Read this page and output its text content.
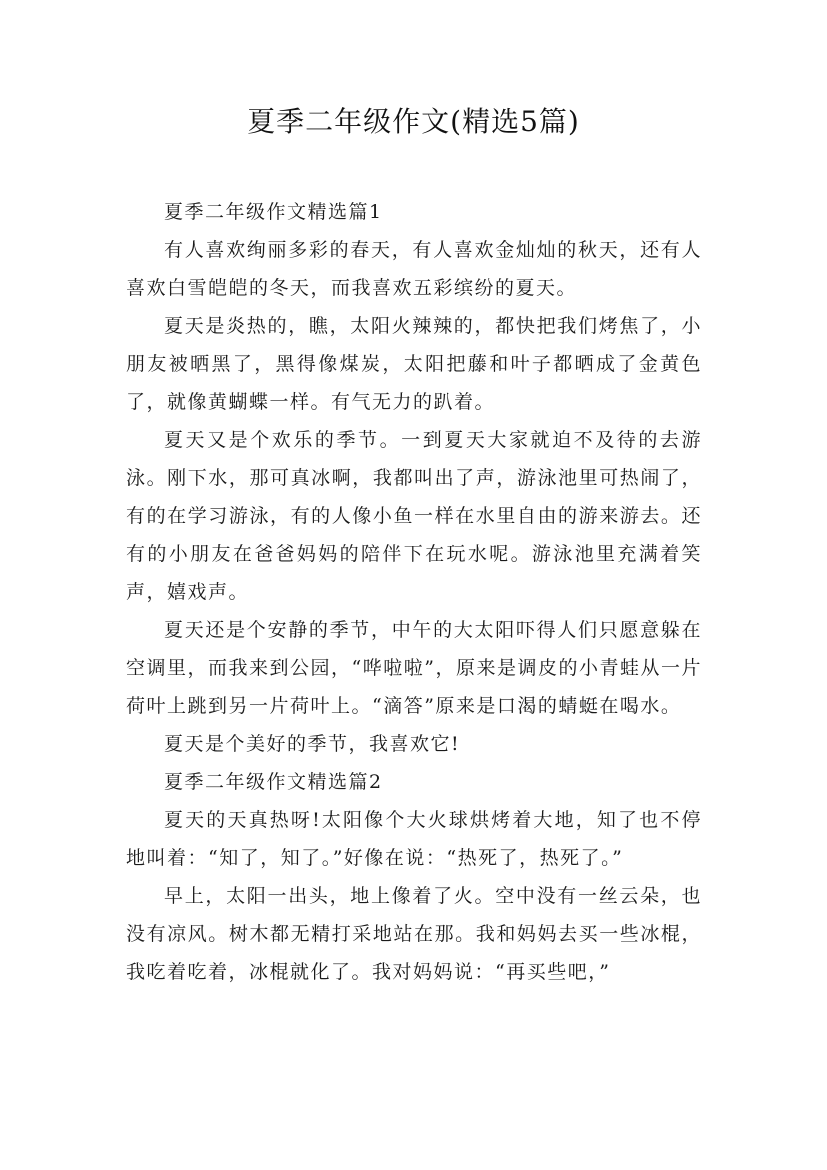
夏季二年级作文(精选5篇)

夏季二年级作文精选篇1

有人喜欢绚丽多彩的春天，有人喜欢金灿灿的秋天，还有人喜欢白雪皑皑的冬天，而我喜欢五彩缤纷的夏天。

夏天是炎热的，瞧，太阳火辣辣的，都快把我们烤焦了，小朋友被晒黑了，黑得像煤炭，太阳把藤和叶子都晒成了金黄色了，就像黄蝴蝶一样。有气无力的趴着。

夏天又是个欢乐的季节。一到夏天大家就迫不及待的去游泳。刚下水，那可真冰啊，我都叫出了声，游泳池里可热闹了，有的在学习游泳，有的人像小鱼一样在水里自由的游来游去。还有的小朋友在爸爸妈妈的陪伴下在玩水呢。游泳池里充满着笑声，嬉戏声。

夏天还是个安静的季节，中午的大太阳吓得人们只愿意躲在空调里，而我来到公园，“哗啦啦”，原来是调皮的小青蛙从一片荷叶上跳到另一片荷叶上。“滴答”原来是口渴的蜻蜓在喝水。

夏天是个美好的季节，我喜欢它!

夏季二年级作文精选篇2

夏天的天真热呀!太阳像个大火球烘烤着大地，知了也不停地叫着：“知了，知了。”好像在说：“热死了，热死了。”

早上，太阳一出头，地上像着了火。空中没有一丝云朵，也没有凉风。树木都无精打采地站在那。我和妈妈去买一些冰棍，我吃着吃着，冰棍就化了。我对妈妈说：“再买些吧，”
